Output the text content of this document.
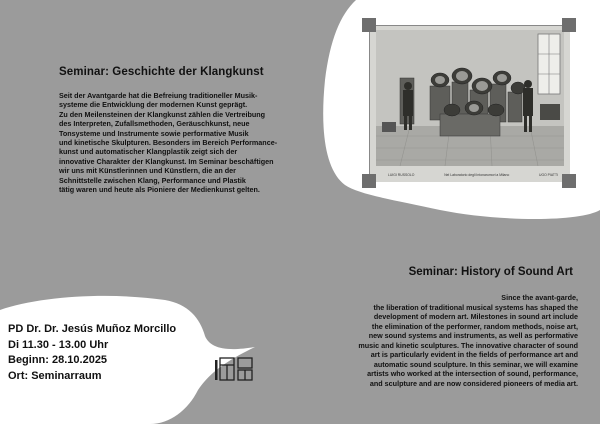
Seminar: Geschichte der Klangkunst
Seit der Avantgarde hat die Befreiung traditioneller Musik-
systeme die Entwicklung der modernen Kunst geprägt.
Zu den Meilensteinen der Klangkunst zählen die Vertreibung
des Interpreten, Zufallsmethoden, Geräuschkunst, neue
Tonsysteme und Instrumente sowie performative Musik
und kinetische Skulpturen. Besonders im Bereich Performance-
kunst und automatischer Klangplastik zeigt sich der
innovative Charakter der Klangkunst. Im Seminar beschäftigen
wir uns mit Künstlerinnen und Künstlern, die an der
Schnittstelle zwischen Klang, Performance und Plastik
tätig waren und heute als Pioniere der Medienkunst gelten.
LUIGI RUSSOLO	Nel Laboratorio degli Intonarumori a Milano	UGO PIATTI
Seminar: History of Sound Art
Since the avant-garde,
the liberation of traditional musical systems has shaped the
development of modern art. Milestones in sound art include
the elimination of the performer, random methods, noise art,
new sound systems and instruments, as well as performative
music and kinetic sculptures. The innovative character of sound
art is particularly evident in the fields of performance art and
automatic sound sculpture. In this seminar, we will examine
artists who worked at the intersection of sound, performance,
and sculpture and are now considered pioneers of media art.
PD Dr. Dr. Jesús Muñoz Morcillo
Di 11.30 - 13.00 Uhr
Beginn: 28.10.2025
Ort: Seminarraum
